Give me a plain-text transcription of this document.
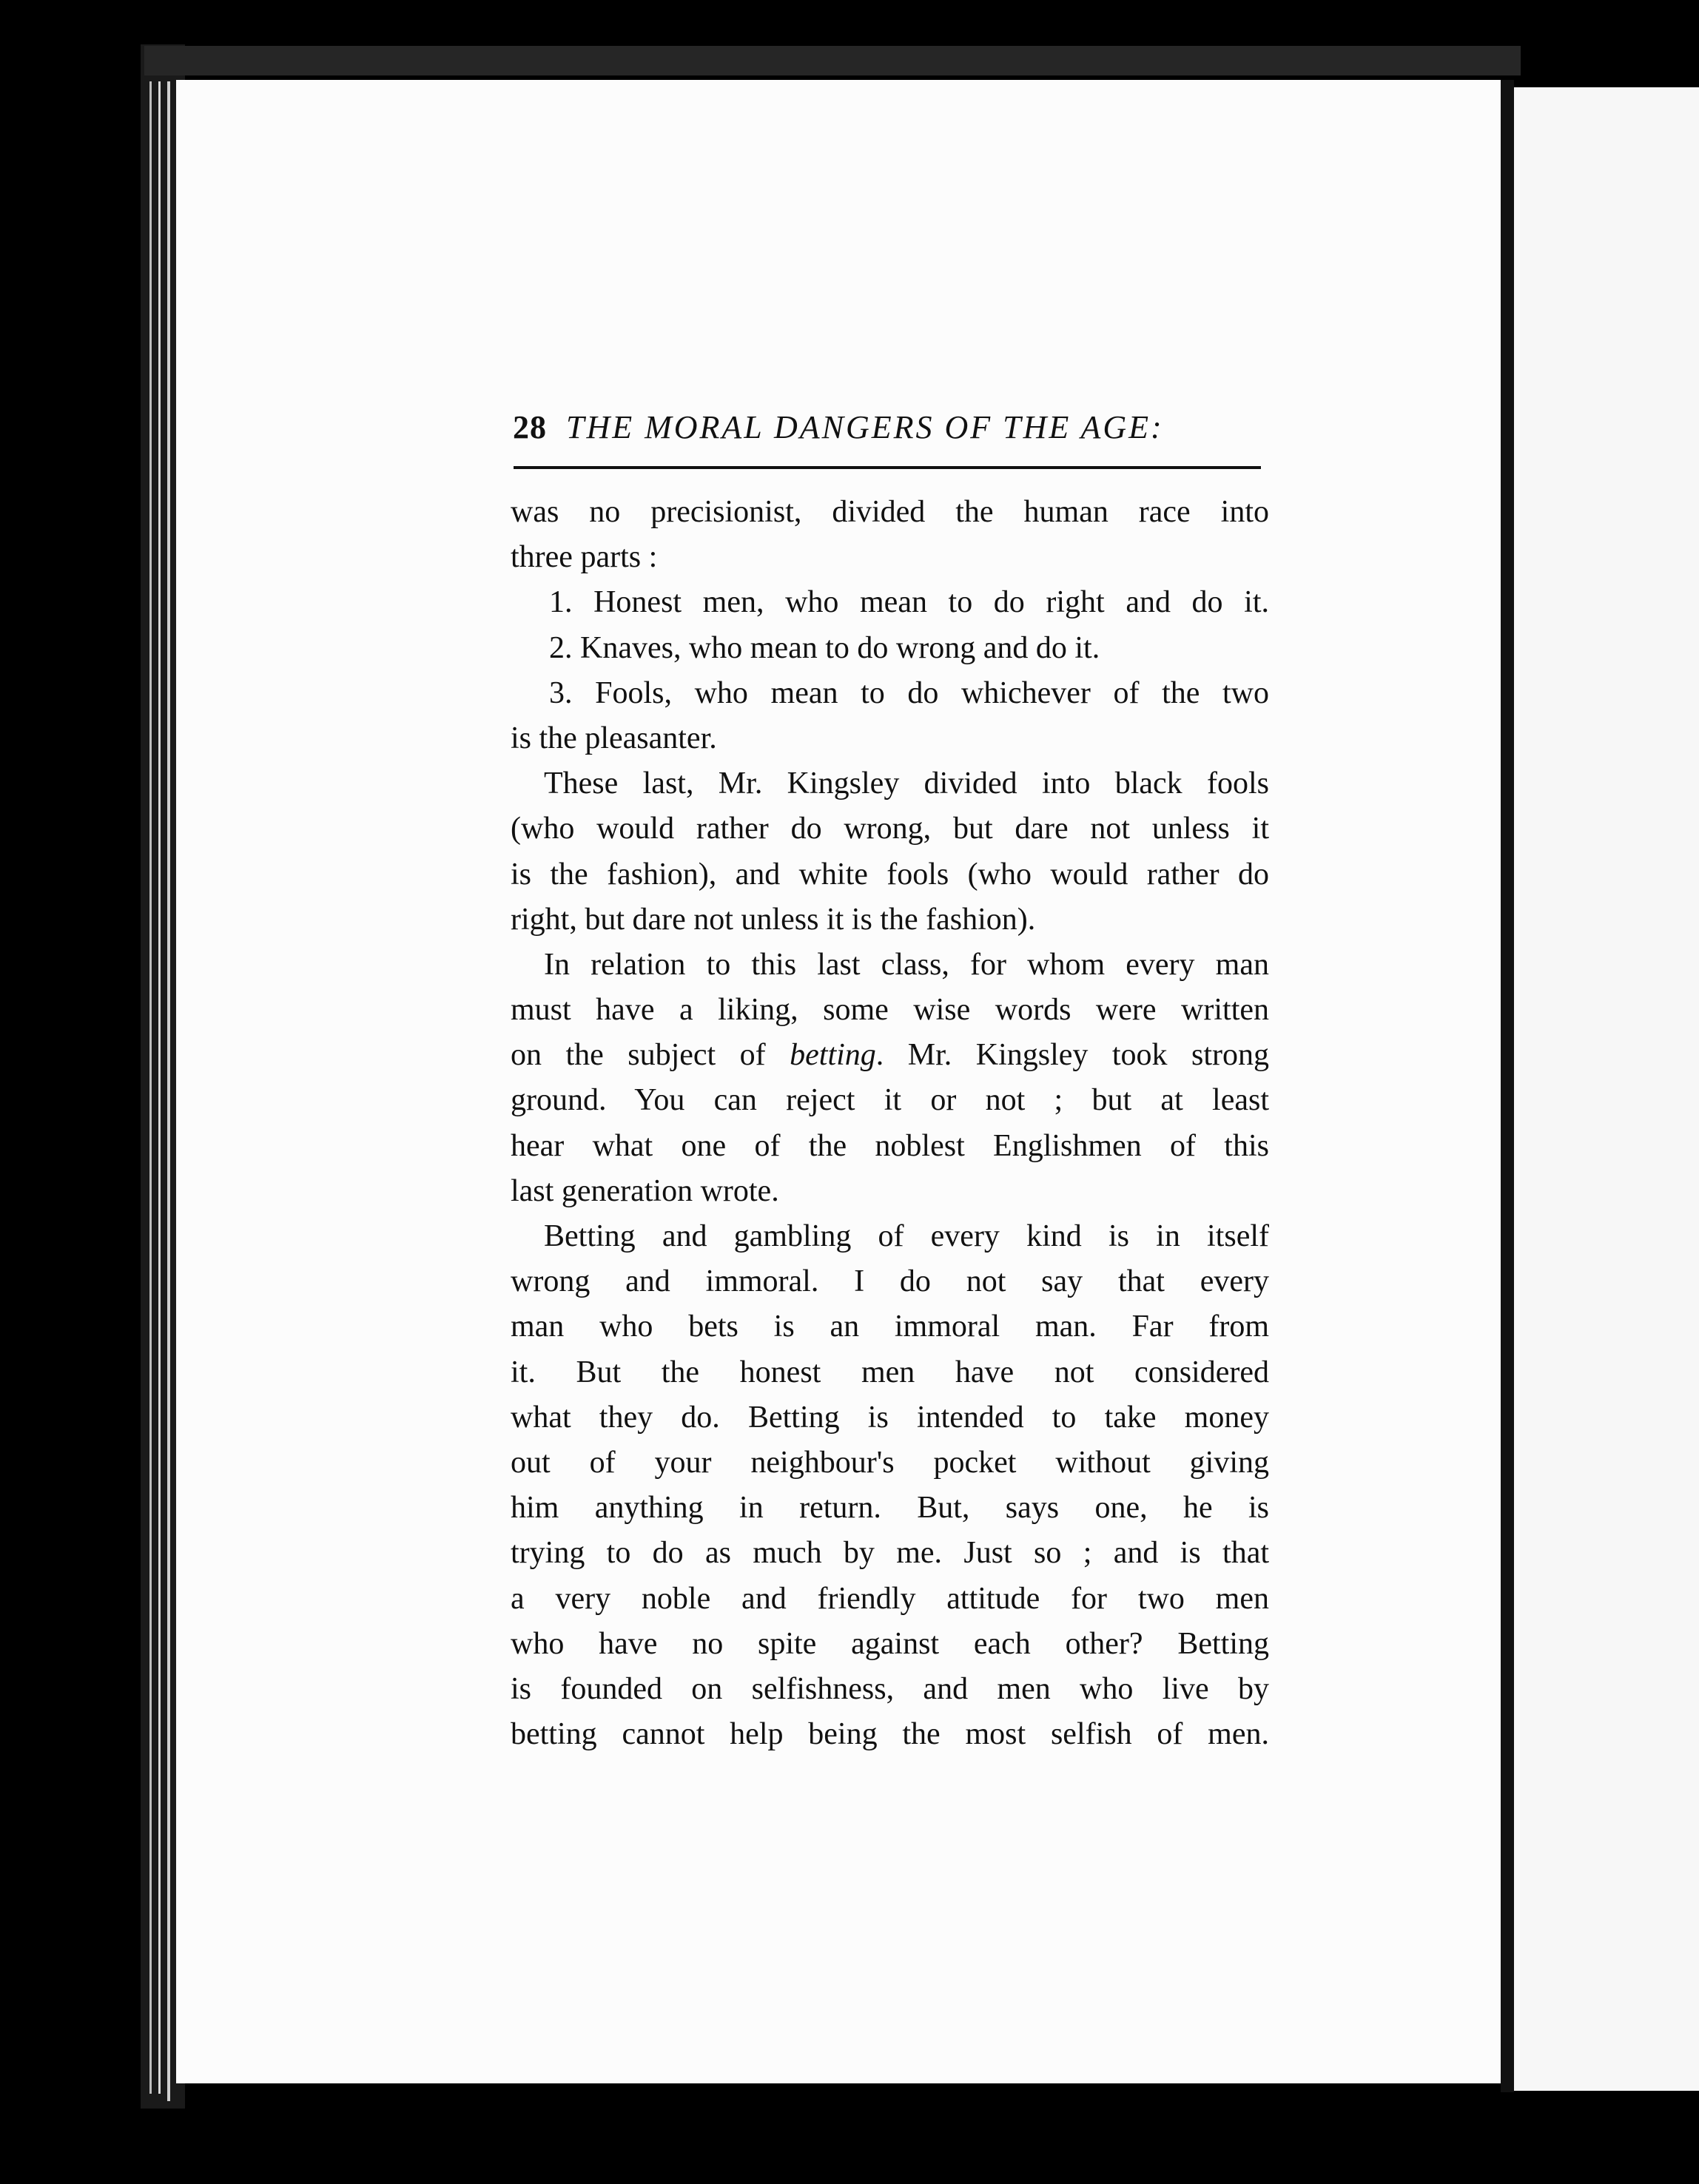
28 THE MORAL DANGERS OF THE AGE:
was no precisionist, divided the human race into
three parts :
1. Honest men, who mean to do right and do it.
2. Knaves, who mean to do wrong and do it.
3. Fools, who mean to do whichever of the two
is the pleasanter.
These last, Mr. Kingsley divided into black fools
(who would rather do wrong, but dare not unless it
is the fashion), and white fools (who would rather do
right, but dare not unless it is the fashion).
In relation to this last class, for whom every man
must have a liking, some wise words were written
on the subject of betting. Mr. Kingsley took strong
ground. You can reject it or not ; but at least
hear what one of the noblest Englishmen of this
last generation wrote.
Betting and gambling of every kind is in itself
wrong and immoral. I do not say that every
man who bets is an immoral man. Far from
it. But the honest men have not considered
what they do. Betting is intended to take money
out of your neighbour's pocket without giving
him anything in return. But, says one, he is
trying to do as much by me. Just so ; and is that
a very noble and friendly attitude for two men
who have no spite against each other? Betting
is founded on selfishness, and men who live by
betting cannot help being the most selfish of men.
